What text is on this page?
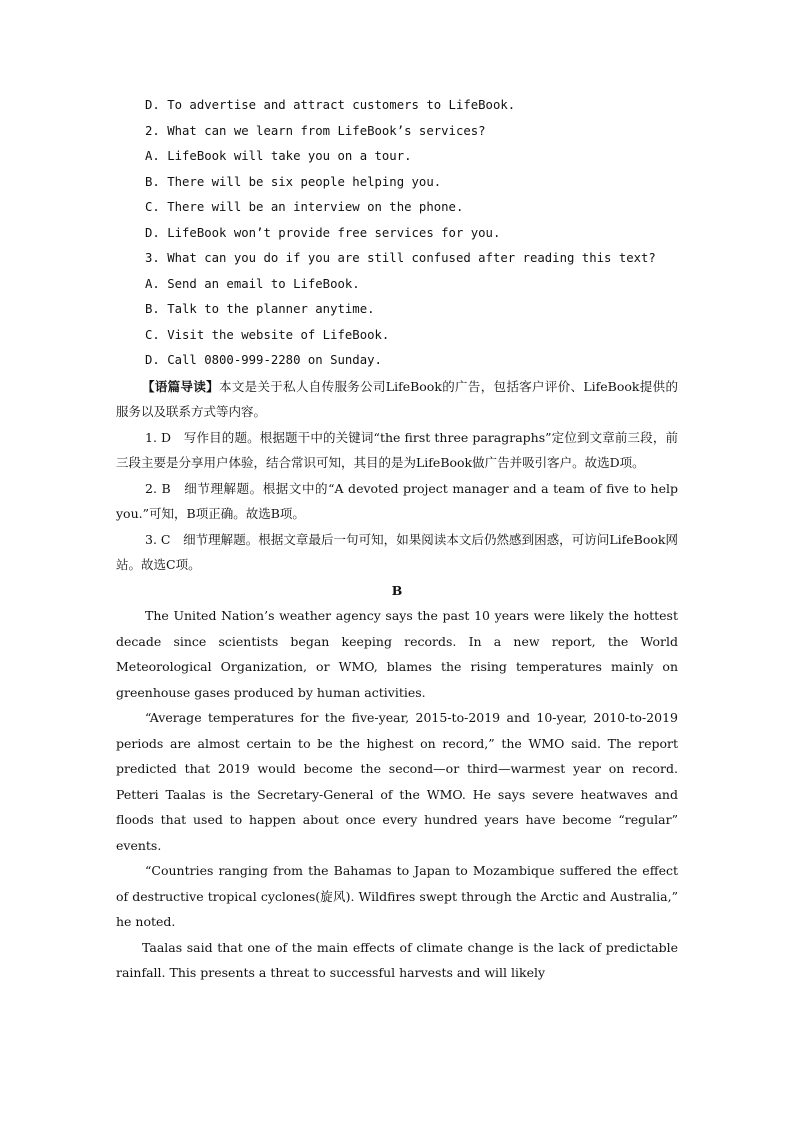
D. To advertise and attract customers to LifeBook.

2. What can we learn from LifeBook’s services?

A. LifeBook will take you on a tour.

B. There will be six people helping you.

C. There will be an interview on the phone.

D. LifeBook won’t provide free services for you.

3. What can you do if you are still confused after reading this text?

A. Send an email to LifeBook.

B. Talk to the planner anytime.

C. Visit the website of LifeBook.

D. Call 0800-999-2280 on Sunday.

【语篇导读】本文是关于私人自传服务公司LifeBook的广告，包括客户评价、LifeBook提供的服务以及联系方式等内容。

1. D　写作目的题。根据题干中的关键词“the first three paragraphs”定位到文章前三段，前三段主要是分享用户体验，结合常识可知，其目的是为LifeBook做广告并吸引客户。故选D项。

2. B　细节理解题。根据文中的“A devoted project manager and a team of five to help you.”可知，B项正确。故选B项。

3. C　细节理解题。根据文章最后一句可知，如果阅读本文后仍然感到困惑，可访问LifeBook网站。故选C项。

B

The United Nation’s weather agency says the past 10 years were likely the hottest decade since scientists began keeping records. In a new report, the World Meteorological Organization, or WMO, blames the rising temperatures mainly on greenhouse gases produced by human activities.

“Average temperatures for the five-year, 2015-to-2019 and 10-year, 2010-to-2019 periods are almost certain to be the highest on record,” the WMO said. The report predicted that 2019 would become the second—or third—warmest year on record. Petteri Taalas is the Secretary-General of the WMO. He says severe heatwaves and floods that used to happen about once every hundred years have become “regular” events.

“Countries ranging from the Bahamas to Japan to Mozambique suffered the effect of destructive tropical cyclones(旋风). Wildfires swept through the Arctic and Australia,” he noted.

Taalas said that one of the main effects of climate change is the lack of predictable rainfall. This presents a threat to successful harvests and will likely
